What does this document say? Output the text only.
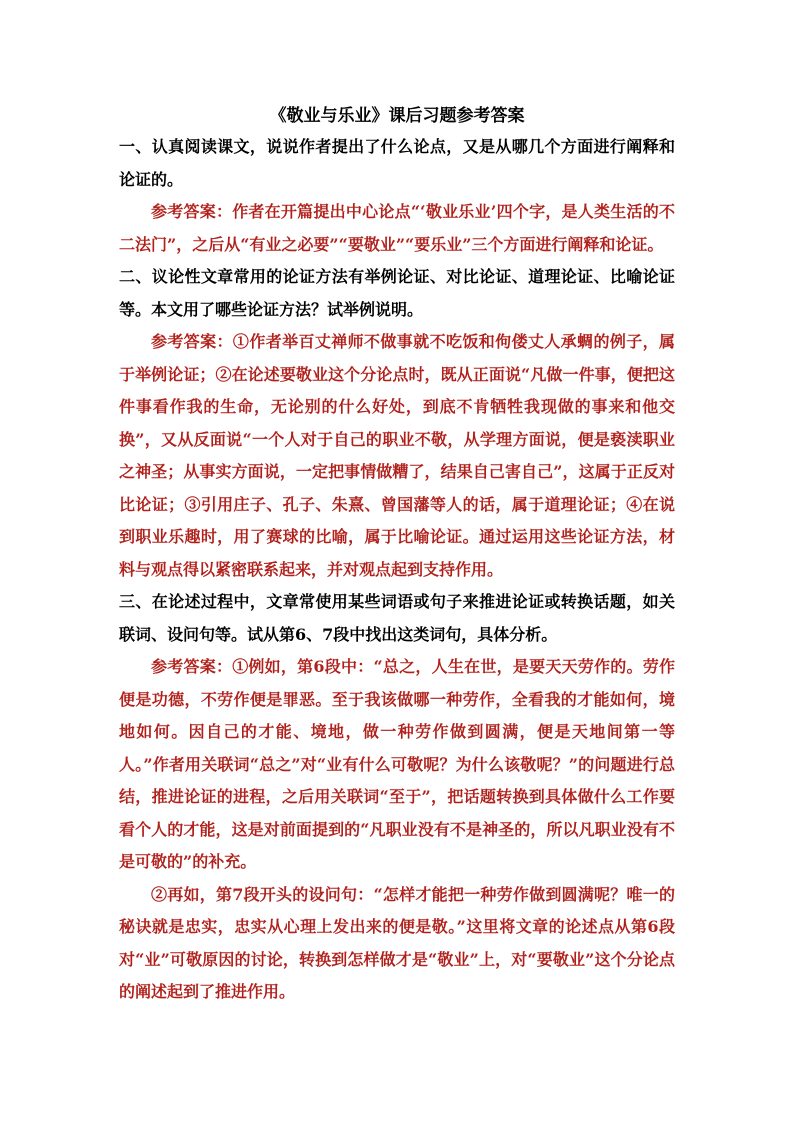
《敬业与乐业》课后习题参考答案

一、认真阅读课文，说说作者提出了什么论点，又是从哪几个方面进行阐释和论证的。

参考答案：作者在开篇提出中心论点“‘敬业乐业’四个字，是人类生活的不二法门”，之后从“有业之必要”“要敬业”“要乐业”三个方面进行阐释和论证。

二、议论性文章常用的论证方法有举例论证、对比论证、道理论证、比喻论证等。本文用了哪些论证方法？试举例说明。

参考答案：①作者举百丈禅师不做事就不吃饭和佝偻丈人承蜩的例子，属于举例论证；②在论述要敬业这个分论点时，既从正面说“凡做一件事，便把这件事看作我的生命，无论别的什么好处，到底不肯牺牲我现做的事来和他交换”，又从反面说“一个人对于自己的职业不敬，从学理方面说，便是亵渎职业之神圣；从事实方面说，一定把事情做糟了，结果自己害自己”，这属于正反对比论证；③引用庄子、孔子、朱熹、曾国藩等人的话，属于道理论证；④在说到职业乐趣时，用了赛球的比喻，属于比喻论证。通过运用这些论证方法，材料与观点得以紧密联系起来，并对观点起到支持作用。

三、在论述过程中，文章常使用某些词语或句子来推进论证或转换话题，如关联词、设问句等。试从第6、7段中找出这类词句，具体分析。

参考答案：①例如，第6段中：“总之，人生在世，是要天天劳作的。劳作便是功德，不劳作便是罪恶。至于我该做哪一种劳作，全看我的才能如何，境地如何。因自己的才能、境地，做一种劳作做到圆满，便是天地间第一等人。”作者用关联词“总之”对“业有什么可敬呢？为什么该敬呢？”的问题进行总结，推进论证的进程，之后用关联词“至于”，把话题转换到具体做什么工作要看个人的才能，这是对前面提到的“凡职业没有不是神圣的，所以凡职业没有不是可敬的”的补充。

②再如，第7段开头的设问句：“怎样才能把一种劳作做到圆满呢？唯一的秘诀就是忠实，忠实从心理上发出来的便是敬。”这里将文章的论述点从第6段对“业”可敬原因的讨论，转换到怎样做才是“敬业”上，对“要敬业”这个分论点的阐述起到了推进作用。
